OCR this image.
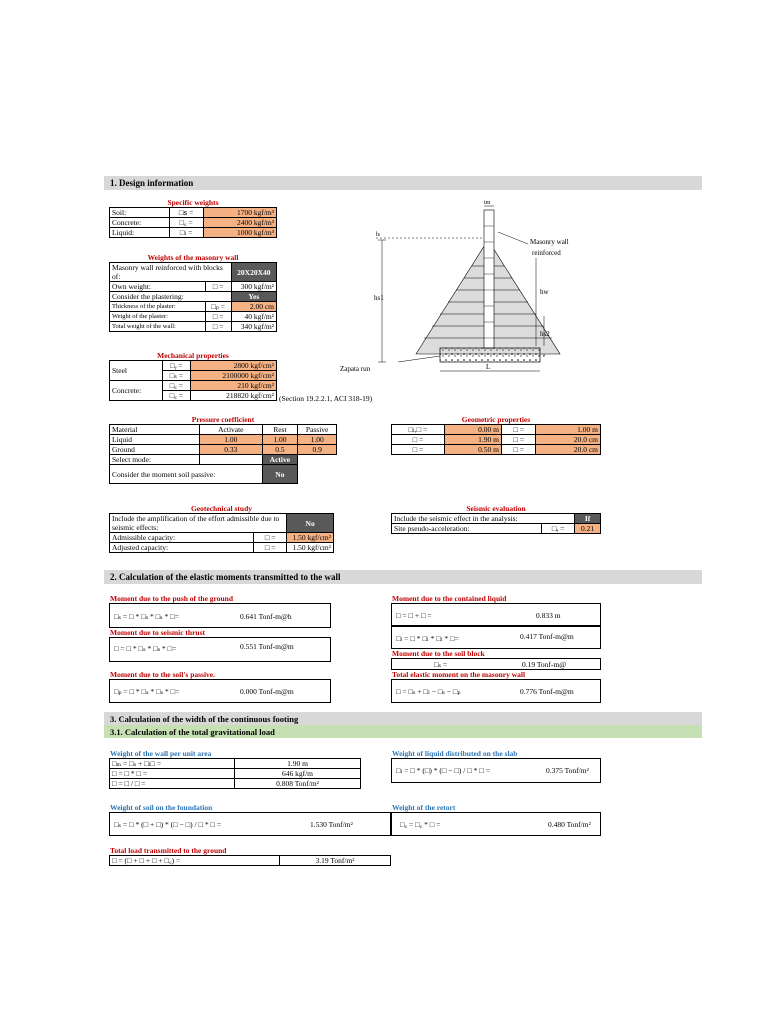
1. Design information
Specific weights		
Soil:	□ꜱ =	1700 kgf/m³
Concrete:	□꜀ =	2400 kgf/m³
Liquid:	□ₗ =	1000 kgf/m³
Weights of the masonry wall		
Masonry wall reinforced with blocks of:		20X20X40
Own weight:	□ =	300 kgf/m²
Consider the plastering:		Yes
Thickness of the plaster:	□ₚ =	2.00 cm
Weight of the plaster:	□ =	40 kgf/m²
Total weight of the wall:	□ =	340 kgf/m²
Mechanical properties		
Steel	□ᵧ =	2800 kgf/cm²
	□ₛ =	2100000 kgf/cm²
Concrete:	□꜀ =	210 kgf/cm²
	□꜀ =	218820 kgf/cm² (Section 19.2.2.1, ACI 318-19)
tm
hₗ
Masonry wall
reinforced
hw
hs1
hs2
e
Zapata run	L
Pressure coefficient			
Material	Activate	Rest	Passive
Liquid	1.00	1.00	1.00
Ground	0.33	0.5	0.9
Select mode:		Active	
Consider the moment soil passive:		No	
Geometric properties			
□ₗ,□ =	0.00 m	□ =	1.00 m
□ =	1.90 m	□ =	20.0 cm
□ =	0.50 m	□ =	20.0 cm
Geotechnical study		
Include the amplification of the effort admissible due to seismic effects:		No
Admissible capacity:	□ =	1.50 kgf/cm²
Adjusted capacity:	□ =	1.50 kgf/cm²
Seismic evaluation		
Include the seismic effect in the analysis:		If
Site pseudo-acceleration:	□ₐ =	0.21
2. Calculation of the elastic moments transmitted to the wall
Moment due to the push of the ground
□ₛ = □ * □ₛ * □ₛ * □=	0.641 Tonf-m@h
Moment due to seismic thrust
□ = □ * □ₛ * □ₛ * □=	0.551 Tonf-m@m
Moment due to the soil's passive.
□ₚ = □ * □ₛ * □ₛ * □=	0.000 Tonf-m@m
Moment due to the contained liquid
□ = □ + □ =	0.833 m
□ₗ = □ * □ₗ * □ₗ * □=	0.417 Tonf-m@m
Moment due to the soil block
□ₛ =	0.19 Tonf-m@
Total elastic moment on the masonry wall
□ = □ₛ + □ₗ − □ₛ − □ₚ	0.776 Tonf-m@m
3. Calculation of the width of the continuous footing
3.1. Calculation of the total gravitational load
Weight of the wall per unit area
□ₘ = □ₛ + □ₗ□ =	1.90 m
□ = □ * □ =	646 kgf/m
□ = □ / □ =	0.808 Tonf/m²
Weight of liquid distributed on the slab
□ₗ = □ * (□) * (□ − □) / □ * □ =	0.375 Tonf/m²
Weight of soil on the foundation
□ₛ = □ * (□ + □) * (□ − □) / □ * □ =	1.530 Tonf/m²
Weight of the retort
□꜀ = □꜀ * □ =	0.480 Tonf/m²
Total load transmitted to the ground
□ = (□ + □ + □ + □꜀) =	3.19 Tonf/m²
